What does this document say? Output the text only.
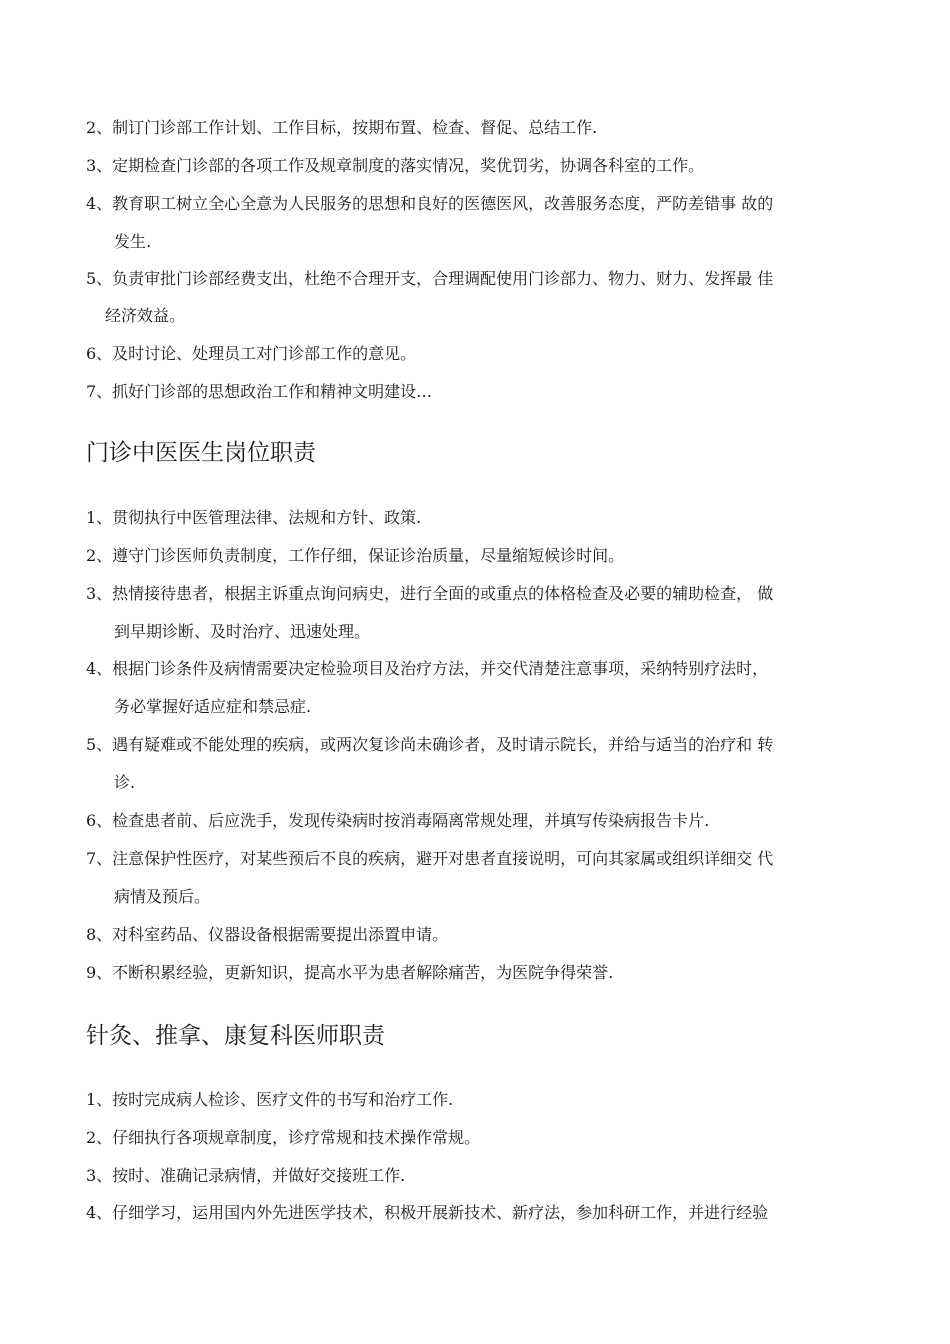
2、制订门诊部工作计划、工作目标，按期布置、检查、督促、总结工作.
3、定期检查门诊部的各项工作及规章制度的落实情况，奖优罚劣，协调各科室的工作。
4、教育职工树立全心全意为人民服务的思想和良好的医德医风，改善服务态度，严防差错事 故的
发生.
5、负责审批门诊部经费支出，杜绝不合理开支，合理调配使用门诊部力、物力、财力、发挥最 佳
经济效益。
6、及时讨论、处理员工对门诊部工作的意见。
7、抓好门诊部的思想政治工作和精神文明建设…
门诊中医医生岗位职责
1、贯彻执行中医管理法律、法规和方针、政策.
2、遵守门诊医师负责制度，工作仔细，保证诊治质量，尽量缩短候诊时间。
3、热情接待患者，根据主诉重点询问病史，进行全面的或重点的体格检查及必要的辅助检查， 做
到早期诊断、及时治疗、迅速处理。
4、根据门诊条件及病情需要决定检验项目及治疗方法，并交代清楚注意事项，采纳特别疗法时，
务必掌握好适应症和禁忌症.
5、遇有疑难或不能处理的疾病，或两次复诊尚未确诊者，及时请示院长，并给与适当的治疗和 转
诊.
6、检查患者前、后应洗手，发现传染病时按消毒隔离常规处理，并填写传染病报告卡片.
7、注意保护性医疗，对某些预后不良的疾病，避开对患者直接说明，可向其家属或组织详细交 代
病情及预后。
8、对科室药品、仪器设备根据需要提出添置申请。
9、不断积累经验，更新知识，提高水平为患者解除痛苦，为医院争得荣誉.
针灸、推拿、康复科医师职责
1、按时完成病人检诊、医疗文件的书写和治疗工作.
2、仔细执行各项规章制度，诊疗常规和技术操作常规。
3、按时、准确记录病情，并做好交接班工作.
4、仔细学习，运用国内外先进医学技术，积极开展新技术、新疗法，参加科研工作，并进行经验
